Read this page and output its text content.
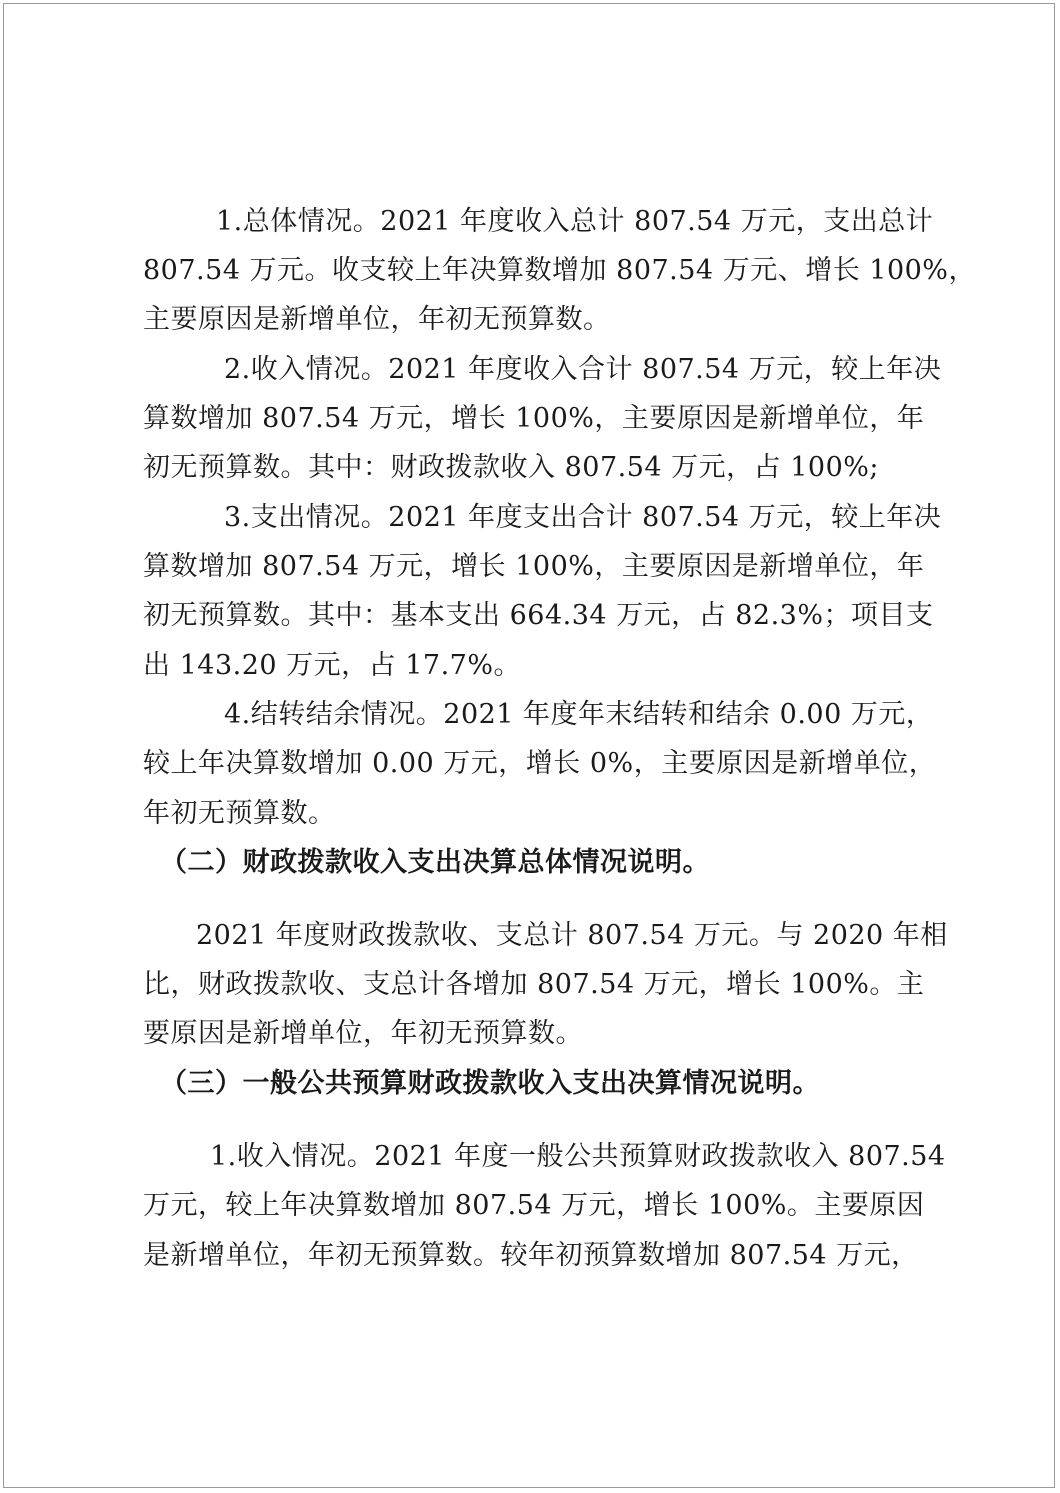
1.总体情况。2021 年度收入总计 807.54 万元，支出总计
807.54 万元。收支较上年决算数增加 807.54 万元、增长 100%，
主要原因是新增单位，年初无预算数。
2.收入情况。2021 年度收入合计 807.54 万元，较上年决
算数增加 807.54 万元，增长 100%，主要原因是新增单位，年
初无预算数。其中：财政拨款收入 807.54 万元，占 100%;
3.支出情况。2021 年度支出合计 807.54 万元，较上年决
算数增加 807.54 万元，增长 100%，主要原因是新增单位，年
初无预算数。其中：基本支出 664.34 万元，占 82.3%；项目支
出 143.20 万元，占 17.7%。
4.结转结余情况。2021 年度年末结转和结余 0.00 万元，
较上年决算数增加 0.00 万元，增长 0%，主要原因是新增单位，
年初无预算数。
（二）财政拨款收入支出决算总体情况说明。
2021 年度财政拨款收、支总计 807.54 万元。与 2020 年相
比，财政拨款收、支总计各增加 807.54 万元，增长 100%。主
要原因是新增单位，年初无预算数。
（三）一般公共预算财政拨款收入支出决算情况说明。
1.收入情况。2021 年度一般公共预算财政拨款收入 807.54
万元，较上年决算数增加 807.54 万元，增长 100%。主要原因
是新增单位，年初无预算数。较年初预算数增加 807.54 万元，
